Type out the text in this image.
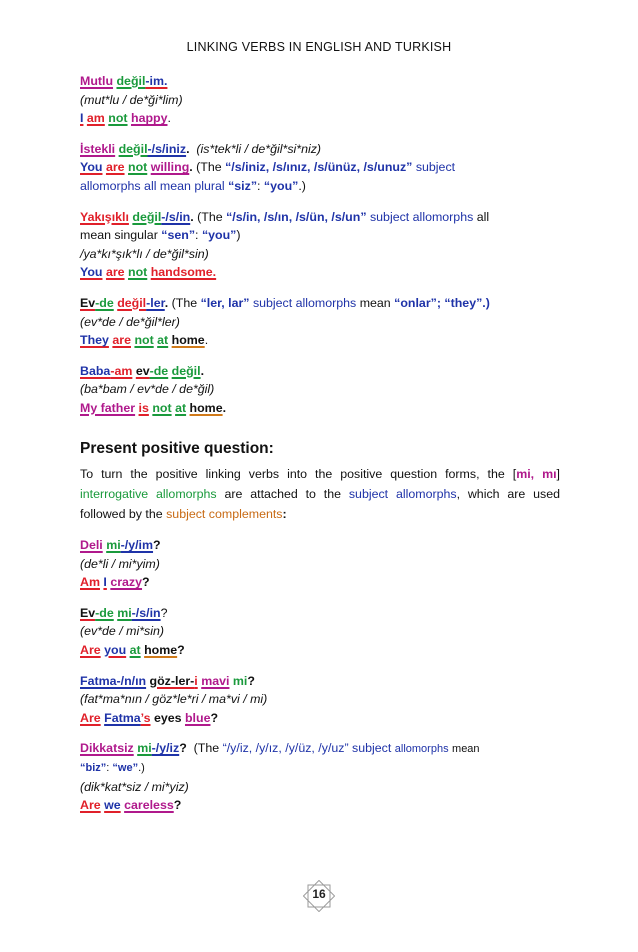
LINKING VERBS IN ENGLISH AND TURKISH
Mutlu değil-im.
(mut*lu / de*ği*lim)
I am not happy.
İstekli değil-/s/iniz. (is*tek*li / de*ğil*si*niz)
You are not willing. (The “/s/iniz, /s/ınız, /s/ünüz, /s/unuz” subject
allomorphs all mean plural “siz”: “you”.)
Yakışıklı değil-/s/in. (The “/s/in, /s/ın, /s/ün, /s/un” subject allomorphs all
mean singular “sen”: “you”)
/ya*kı*şık*lı / de*ğil*sin)
You are not handsome.
Ev-de değil-ler. (The “ler, lar” subject allomorphs mean “onlar”; “they”.)
(ev*de / de*ğil*ler)
They are not at home.
Baba-am ev-de değil.
(ba*bam / ev*de / de*ğil)
My father is not at home.
Present positive question:
To turn the positive linking verbs into the positive question forms, the [mi, mı] interrogative allomorphs are attached to the subject allomorphs, which are used followed by the subject complements:
Deli mi-/y/im?
(de*li / mi*yim)
Am I crazy?
Ev-de mi-/s/in?
(ev*de / mi*sin)
Are you at home?
Fatma-/n/ın göz-ler-i mavi mi?
(fat*ma*nın / göz*le*ri / ma*vi / mi)
Are Fatma’s eyes blue?
Dikkatsiz mi-/y/iz? (The “/y/iz, /y/ız, /y/üz, /y/uz” subject allomorphs mean
“biz”: “we”.)
(dik*kat*siz / mi*yiz)
Are we careless?
16
